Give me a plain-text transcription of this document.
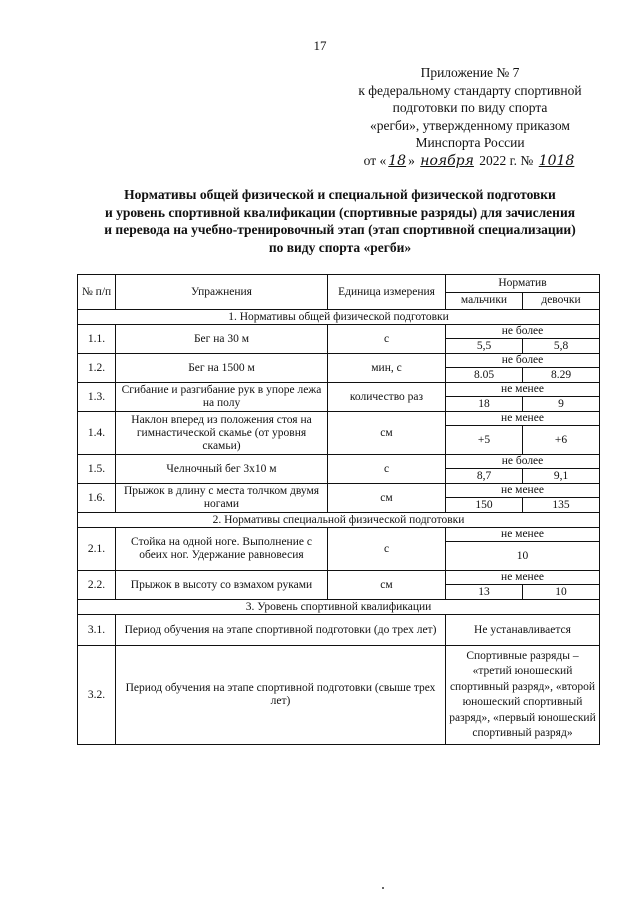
17
Приложение № 7
к федеральному стандарту спортивной
подготовки по виду спорта
«регби», утвержденному приказом
Минспорта России
от « 18 » ноября 2022 г. № 1018
Нормативы общей физической и специальной физической подготовки
и уровень спортивной квалификации (спортивные разряды) для зачисления
и перевода на учебно-тренировочный этап (этап спортивной специализации)
по виду спорта «регби»
№ п/п	Упражнения	Единица измерения	Норматив	
			мальчики	девочки
1. Нормативы общей физической подготовки				
1.1.	Бег на 30 м	с	не более	
			5,5	5,8
1.2.	Бег на 1500 м	мин, с	не более	
			8.05	8.29
1.3.	Сгибание и разгибание рук в упоре лежа на полу	количество раз	не менее	
			18	9
1.4.	Наклон вперед из положения стоя на гимнастической скамье (от уровня скамьи)	см	не менее	
			+5	+6
1.5.	Челночный бег 3х10 м	с	не более	
			8,7	9,1
1.6.	Прыжок в длину с места толчком двумя ногами	см	не менее	
			150	135
2. Нормативы специальной физической подготовки				
2.1.	Стойка на одной ноге. Выполнение с обеих ног. Удержание равновесия	с	не менее	
			10	
2.2.	Прыжок в высоту со взмахом руками	см	не менее	
			13	10
3. Уровень спортивной квалификации				
3.1.	Период обучения на этапе спортивной подготовки (до трех лет)		Не устанавливается	
3.2.	Период обучения на этапе спортивной подготовки (свыше трех лет)		Спортивные разряды – «третий юношеский спортивный разряд», «второй юношеский спортивный разряд», «первый юношеский спортивный разряд»	
